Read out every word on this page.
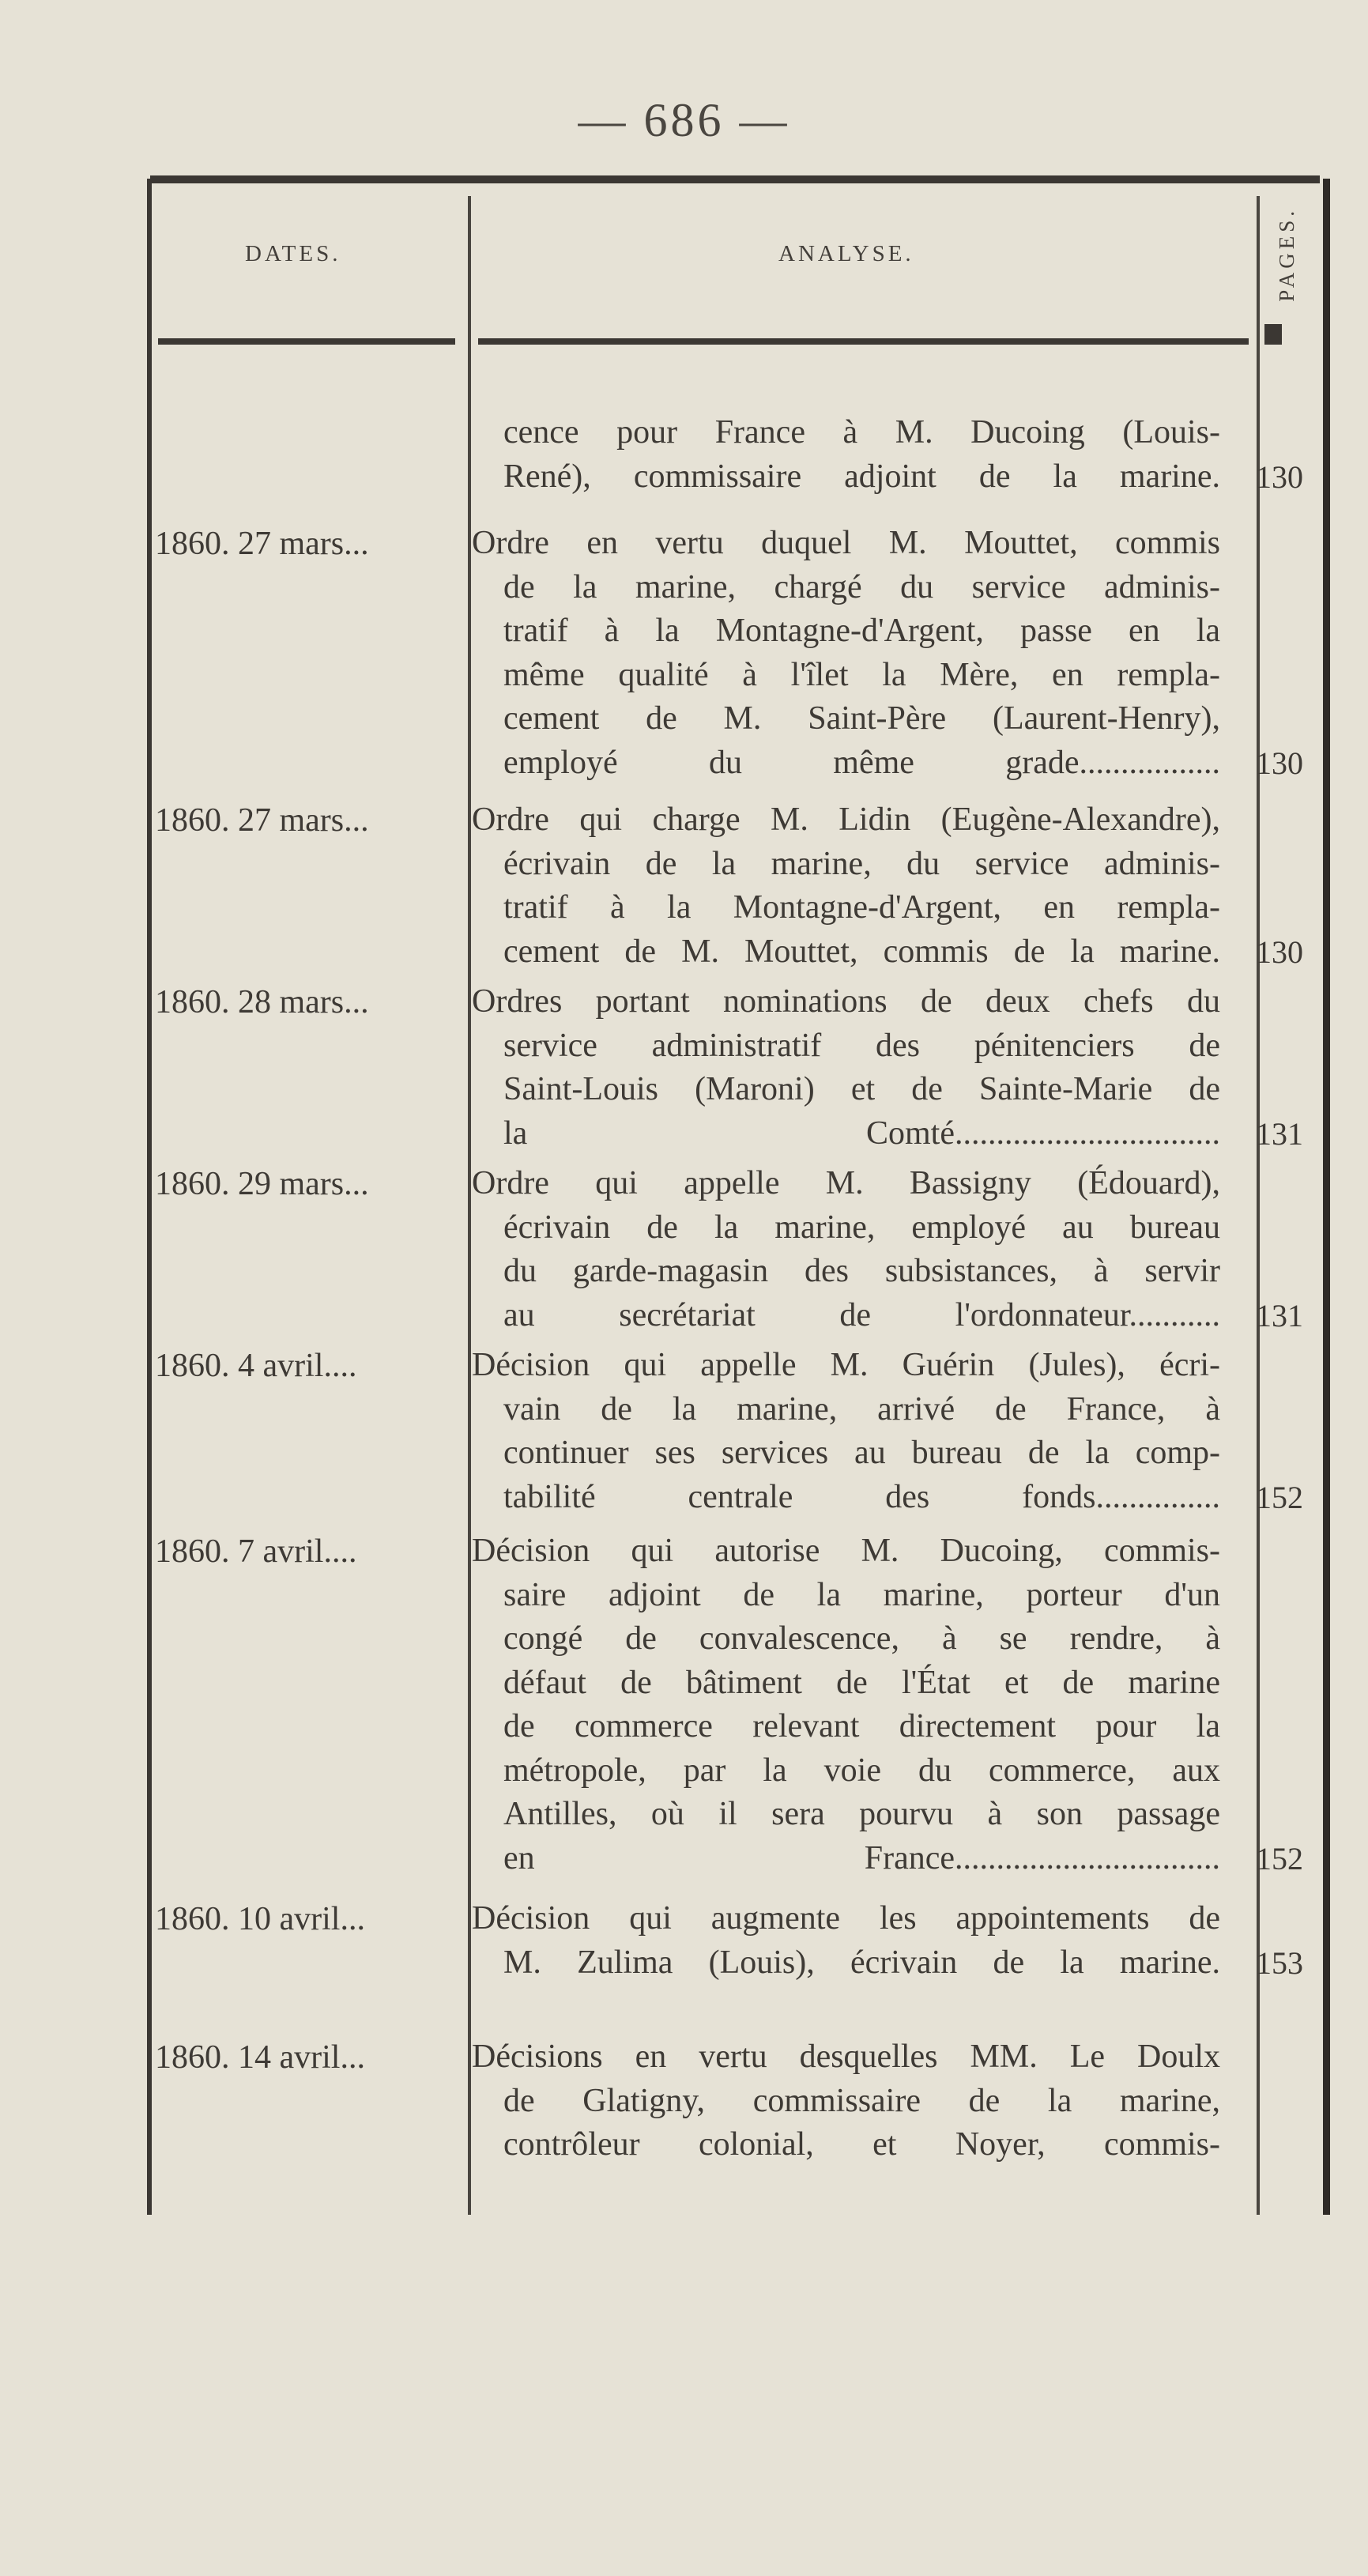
— 686 —
DATES.	ANALYSE.	PAGES.
cence pour France à M. Ducoing (Louis-
René), commissaire adjoint de la marine. 130
1860. 27 mars...	Ordre en vertu duquel M. Mouttet, commis
de la marine, chargé du service adminis-
tratif à la Montagne-d'Argent, passe en la
même qualité à l'îlet la Mère, en rempla-
cement de M. Saint-Père (Laurent-Henry),
employé du même grade................. 130
1860. 27 mars...	Ordre qui charge M. Lidin (Eugène-Alexandre),
écrivain de la marine, du service adminis-
tratif à la Montagne-d'Argent, en rempla-
cement de M. Mouttet, commis de la marine. 130
1860. 28 mars...	Ordres portant nominations de deux chefs du
service administratif des pénitenciers de
Saint-Louis (Maroni) et de Sainte-Marie de
la Comté................................ 131
1860. 29 mars...	Ordre qui appelle M. Bassigny (Édouard),
écrivain de la marine, employé au bureau
du garde-magasin des subsistances, à servir
au secrétariat de l'ordonnateur........... 131
1860. 4 avril....	Décision qui appelle M. Guérin (Jules), écri-
vain de la marine, arrivé de France, à
continuer ses services au bureau de la comp-
tabilité centrale des fonds............... 152
1860. 7 avril....	Décision qui autorise M. Ducoing, commis-
saire adjoint de la marine, porteur d'un
congé de convalescence, à se rendre, à
défaut de bâtiment de l'État et de marine
de commerce relevant directement pour la
métropole, par la voie du commerce, aux
Antilles, où il sera pourvu à son passage
en France................................ 152
1860. 10 avril...	Décision qui augmente les appointements de
M. Zulima (Louis), écrivain de la marine. 153
1860. 14 avril...	Décisions en vertu desquelles MM. Le Doulx
de Glatigny, commissaire de la marine,
contrôleur colonial, et Noyer, commis-
